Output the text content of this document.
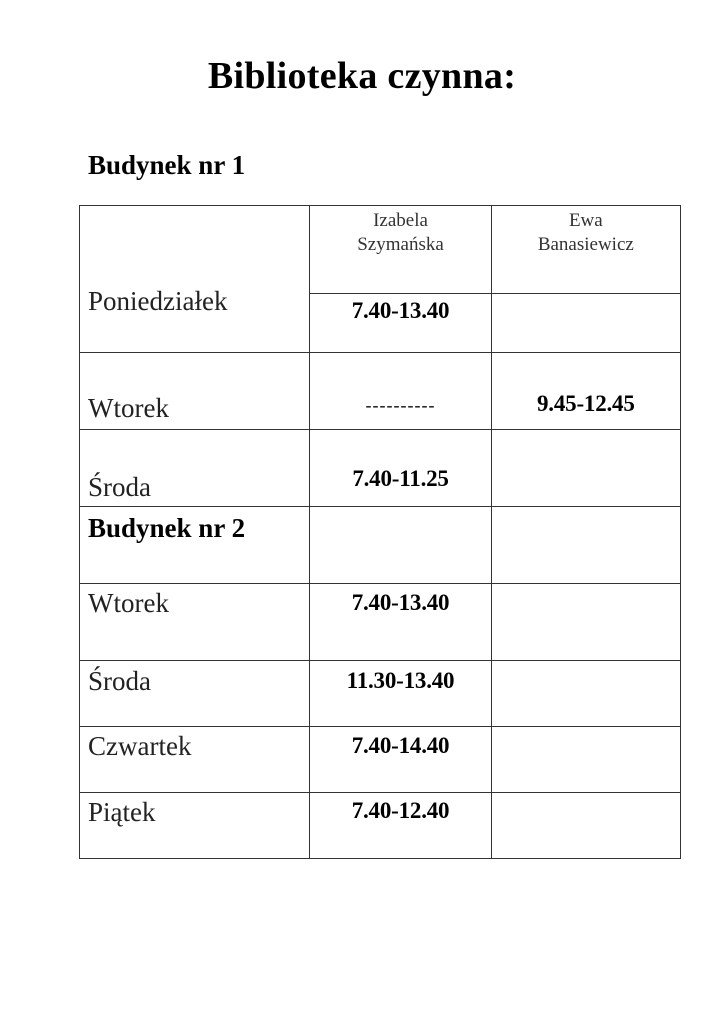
Biblioteka czynna:
Budynek nr 1
Poniedziałek	Izabela Szymańska	Ewa Banasiewicz

	7.40-13.40	

Wtorek	----------	9.45-12.45

Środa	7.40-11.25	

Budynek nr 2		

Wtorek	7.40-13.40	

Środa	11.30-13.40	

Czwartek	7.40-14.40	

Piątek	7.40-12.40	
